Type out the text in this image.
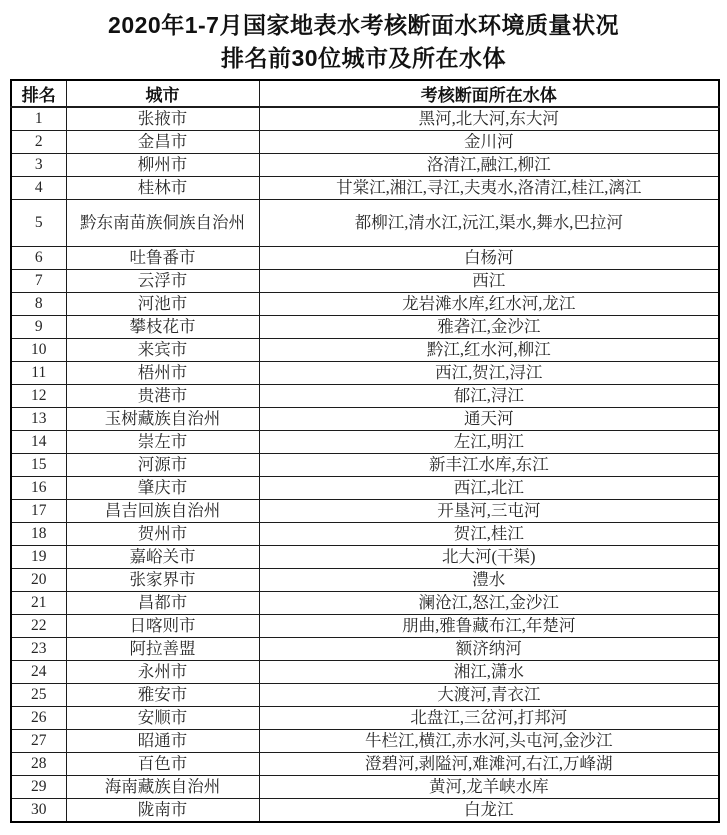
2020年1-7月国家地表水考核断面水环境质量状况
排名前30位城市及所在水体
排名	城市	考核断面所在水体
1	张掖市	黑河,北大河,东大河
2	金昌市	金川河
3	柳州市	洛清江,融江,柳江
4	桂林市	甘棠江,湘江,寻江,夫夷水,洛清江,桂江,漓江
5	黔东南苗族侗族自治州	都柳江,清水江,沅江,渠水,舞水,巴拉河
6	吐鲁番市	白杨河
7	云浮市	西江
8	河池市	龙岩滩水库,红水河,龙江
9	攀枝花市	雅砻江,金沙江
10	来宾市	黔江,红水河,柳江
11	梧州市	西江,贺江,浔江
12	贵港市	郁江,浔江
13	玉树藏族自治州	通天河
14	崇左市	左江,明江
15	河源市	新丰江水库,东江
16	肇庆市	西江,北江
17	昌吉回族自治州	开垦河,三屯河
18	贺州市	贺江,桂江
19	嘉峪关市	北大河(干渠)
20	张家界市	澧水
21	昌都市	澜沧江,怒江,金沙江
22	日喀则市	朋曲,雅鲁藏布江,年楚河
23	阿拉善盟	额济纳河
24	永州市	湘江,潇水
25	雅安市	大渡河,青衣江
26	安顺市	北盘江,三岔河,打邦河
27	昭通市	牛栏江,横江,赤水河,头屯河,金沙江
28	百色市	澄碧河,剥隘河,难滩河,右江,万峰湖
29	海南藏族自治州	黄河,龙羊峡水库
30	陇南市	白龙江
